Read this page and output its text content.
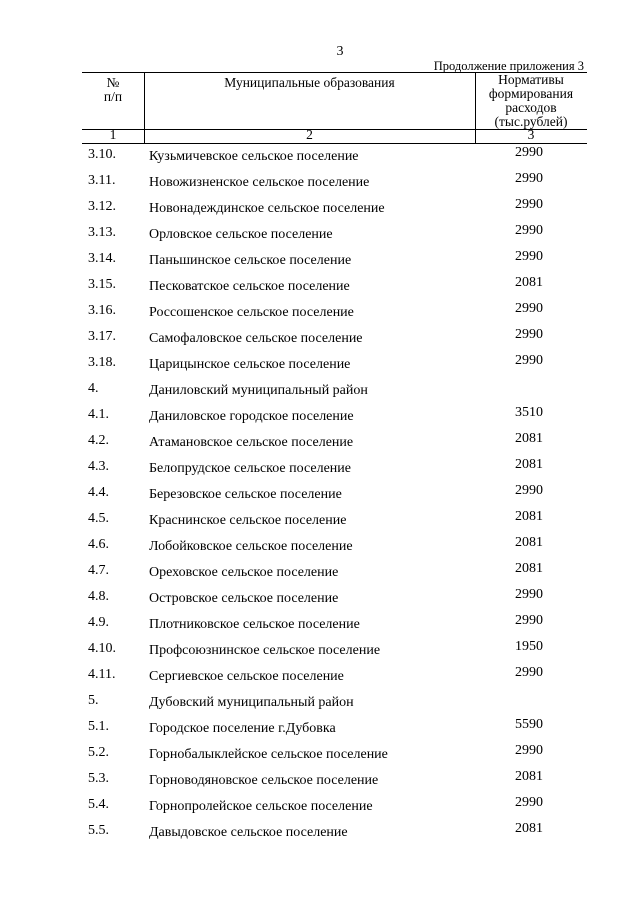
3
Продолжение приложения 3
№
п/п
Муниципальные образования	Нормативы
формирования
расходов
(тыс.рублей)
1	2	3
3.10. Кузьмичевское сельское поселение	2990
3.11. Новожизненское сельское поселение	2990
3.12. Новонадеждинское сельское поселение	2990
3.13. Орловское сельское поселение	2990
3.14. Паньшинское сельское поселение	2990
3.15. Песковатское сельское поселение	2081
3.16. Россошенское сельское поселение	2990
3.17. Самофаловское сельское поселение	2990
3.18. Царицынское сельское поселение	2990
4.	Даниловский муниципальный район
4.1.	Даниловское городское поселение	3510
4.2.	Атамановское сельское поселение	2081
4.3.	Белопрудское сельское поселение	2081
4.4.	Березовское сельское поселение	2990
4.5.	Краснинское сельское поселение	2081
4.6.	Лобойковское сельское поселение	2081
4.7.	Ореховское сельское поселение	2081
4.8.	Островское сельское поселение	2990
4.9.	Плотниковское сельское поселение	2990
4.10. Профсоюзнинское сельское поселение	1950
4.11. Сергиевское сельское поселение	2990
5.	Дубовский муниципальный район
5.1.	Городское поселение г.Дубовка	5590
5.2.	Горнобалыклейское сельское поселение	2990
5.3.	Горноводяновское сельское поселение	2081
5.4.	Горнопролейское сельское поселение	2990
5.5.	Давыдовское сельское поселение	2081
